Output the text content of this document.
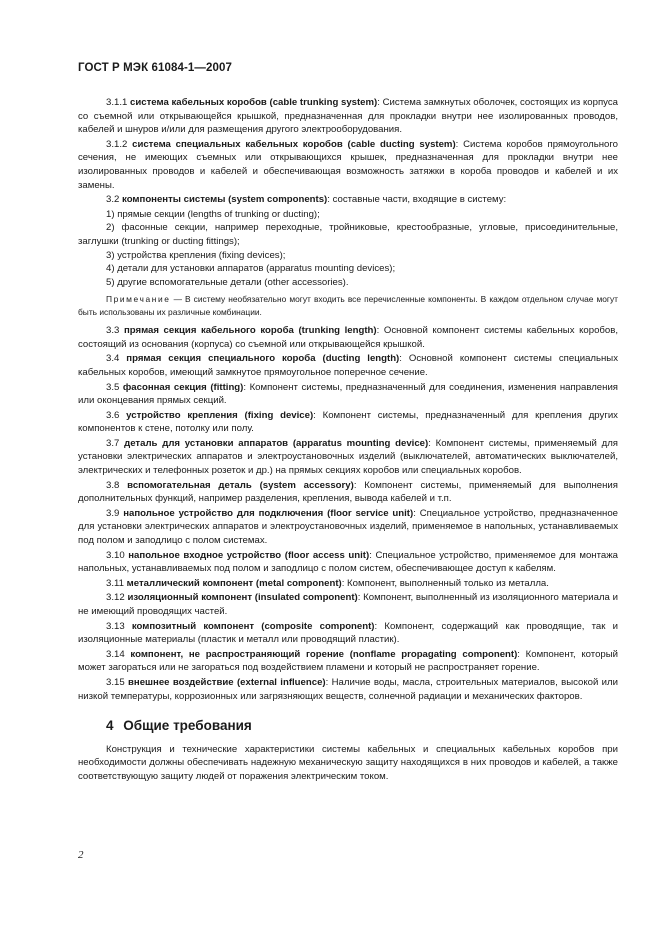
ГОСТ Р МЭК 61084-1—2007

3.1.1 система кабельных коробов (cable trunking system): Система замкнутых оболочек, состоящих из корпуса со съемной или открывающейся крышкой, предназначенная для прокладки внутри нее изолированных проводов, кабелей и шнуров и/или для размещения другого электрооборудования.

3.1.2 система специальных кабельных коробов (cable ducting system): Система коробов прямоугольного сечения, не имеющих съемных или открывающихся крышек, предназначенная для прокладки внутри нее изолированных проводов и кабелей и обеспечивающая возможность затяжки в короба проводов и кабелей и их замены.

3.2 компоненты системы (system components): составные части, входящие в систему:

1) прямые секции (lengths of trunking or ducting);

2) фасонные секции, например переходные, тройниковые, крестообразные, угловые, присоединительные, заглушки (trunking or ducting fittings);

3) устройства крепления (fixing devices);

4) детали для установки аппаратов (apparatus mounting devices);

5) другие вспомогательные детали (other accessories).

Примечание — В систему необязательно могут входить все перечисленные компоненты. В каждом отдельном случае могут быть использованы их различные комбинации.

3.3 прямая секция кабельного короба (trunking length): Основной компонент системы кабельных коробов, состоящий из основания (корпуса) со съемной или открывающейся крышкой.

3.4 прямая секция специального короба (ducting length): Основной компонент системы специальных кабельных коробов, имеющий замкнутое прямоугольное поперечное сечение.

3.5 фасонная секция (fitting): Компонент системы, предназначенный для соединения, изменения направления или оконцевания прямых секций.

3.6 устройство крепления (fixing device): Компонент системы, предназначенный для крепления других компонентов к стене, потолку или полу.

3.7 деталь для установки аппаратов (apparatus mounting device): Компонент системы, применяемый для установки электрических аппаратов и электроустановочных изделий (выключателей, автоматических выключателей, электрических и телефонных розеток и др.) на прямых секциях коробов или специальных коробов.

3.8 вспомогательная деталь (system accessory): Компонент системы, применяемый для выполнения дополнительных функций, например разделения, крепления, вывода кабелей и т.п.

3.9 напольное устройство для подключения (floor service unit): Специальное устройство, предназначенное для установки электрических аппаратов и электроустановочных изделий, применяемое в напольных, устанавливаемых под полом и заподлицо с полом системах.

3.10 напольное входное устройство (floor access unit): Специальное устройство, применяемое для монтажа напольных, устанавливаемых под полом и заподлицо с полом систем, обеспечивающее доступ к кабелям.

3.11 металлический компонент (metal component): Компонент, выполненный только из металла.

3.12 изоляционный компонент (insulated component): Компонент, выполненный из изоляционного материала и не имеющий проводящих частей.

3.13 композитный компонент (composite component): Компонент, содержащий как проводящие, так и изоляционные материалы (пластик и металл или проводящий пластик).

3.14 компонент, не распространяющий горение (nonflame propagating component): Компонент, который может загораться или не загораться под воздействием пламени и который не распространяет горение.

3.15 внешнее воздействие (external influence): Наличие воды, масла, строительных материалов, высокой или низкой температуры, коррозионных или загрязняющих веществ, солнечной радиации и механических факторов.

4 Общие требования

Конструкция и технические характеристики системы кабельных и специальных кабельных коробов при необходимости должны обеспечивать надежную механическую защиту находящихся в них проводов и кабелей, а также соответствующую защиту людей от поражения электрическим током.

2
